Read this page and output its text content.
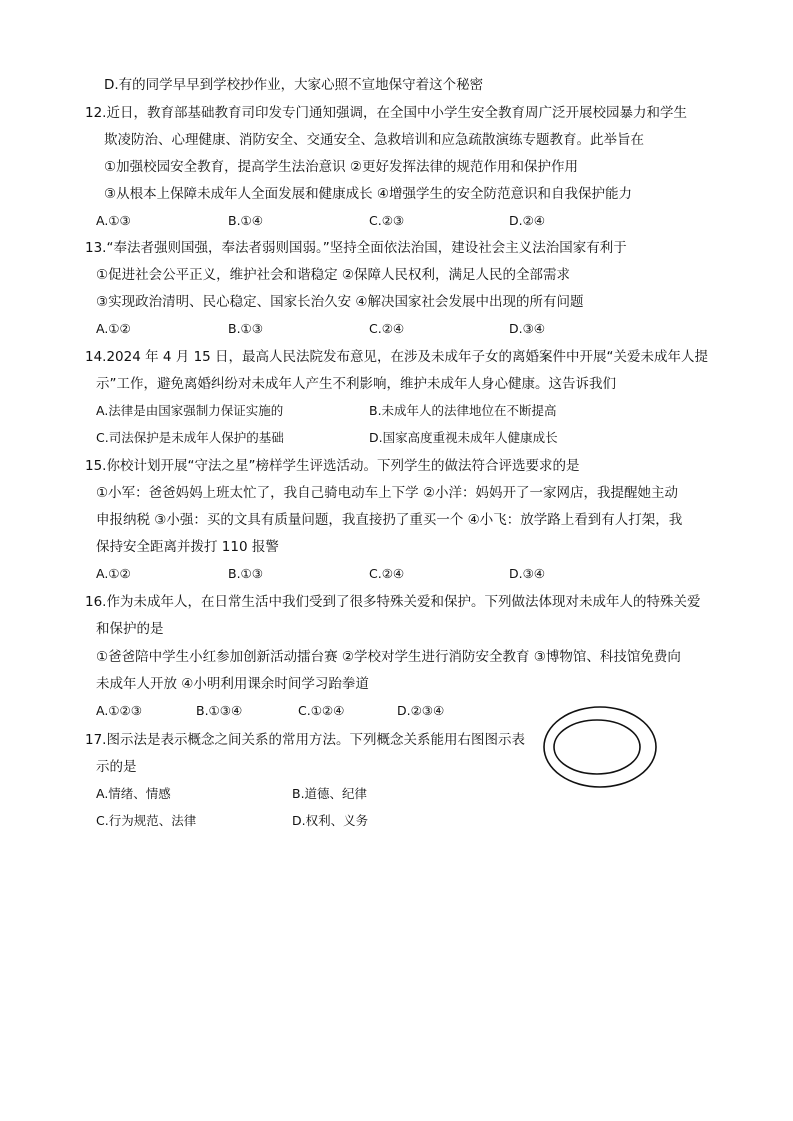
D.有的同学早早到学校抄作业，大家心照不宣地保守着这个秘密
12.近日，教育部基础教育司印发专门通知强调，在全国中小学生安全教育周广泛开展校园暴力和学生
欺凌防治、心理健康、消防安全、交通安全、急救培训和应急疏散演练专题教育。此举旨在
①加强校园安全教育，提高学生法治意识 ②更好发挥法律的规范作用和保护作用
③从根本上保障未成年人全面发展和健康成长 ④增强学生的安全防范意识和自我保护能力
A.①③	B.①④	C.②③	D.②④
13.“奉法者强则国强，奉法者弱则国弱。”坚持全面依法治国，建设社会主义法治国家有利于
①促进社会公平正义，维护社会和谐稳定 ②保障人民权利，满足人民的全部需求
③实现政治清明、民心稳定、国家长治久安 ④解决国家社会发展中出现的所有问题
A.①②	B.①③	C.②④	D.③④
14.2024 年 4 月 15 日，最高人民法院发布意见，在涉及未成年子女的离婚案件中开展“关爱未成年人提
示”工作，避免离婚纠纷对未成年人产生不利影响，维护未成年人身心健康。这告诉我们
A.法律是由国家强制力保证实施的	B.未成年人的法律地位在不断提高
C.司法保护是未成年人保护的基础	D.国家高度重视未成年人健康成长
15.你校计划开展“守法之星”榜样学生评选活动。下列学生的做法符合评选要求的是
①小军：爸爸妈妈上班太忙了，我自己骑电动车上下学 ②小洋：妈妈开了一家网店，我提醒她主动
申报纳税 ③小强：买的文具有质量问题，我直接扔了重买一个 ④小飞：放学路上看到有人打架，我
保持安全距离并拨打 110 报警
A.①②	B.①③	C.②④	D.③④
16.作为未成年人，在日常生活中我们受到了很多特殊关爱和保护。下列做法体现对未成年人的特殊关爱
和保护的是
①爸爸陪中学生小红参加创新活动擂台赛 ②学校对学生进行消防安全教育 ③博物馆、科技馆免费向
未成年人开放 ④小明利用课余时间学习跆拳道
A.①②③	B.①③④	C.①②④	D.②③④
17.图示法是表示概念之间关系的常用方法。下列概念关系能用右图图示表
示的是
A.情绪、情感	B.道德、纪律
C.行为规范、法律	D.权利、义务
